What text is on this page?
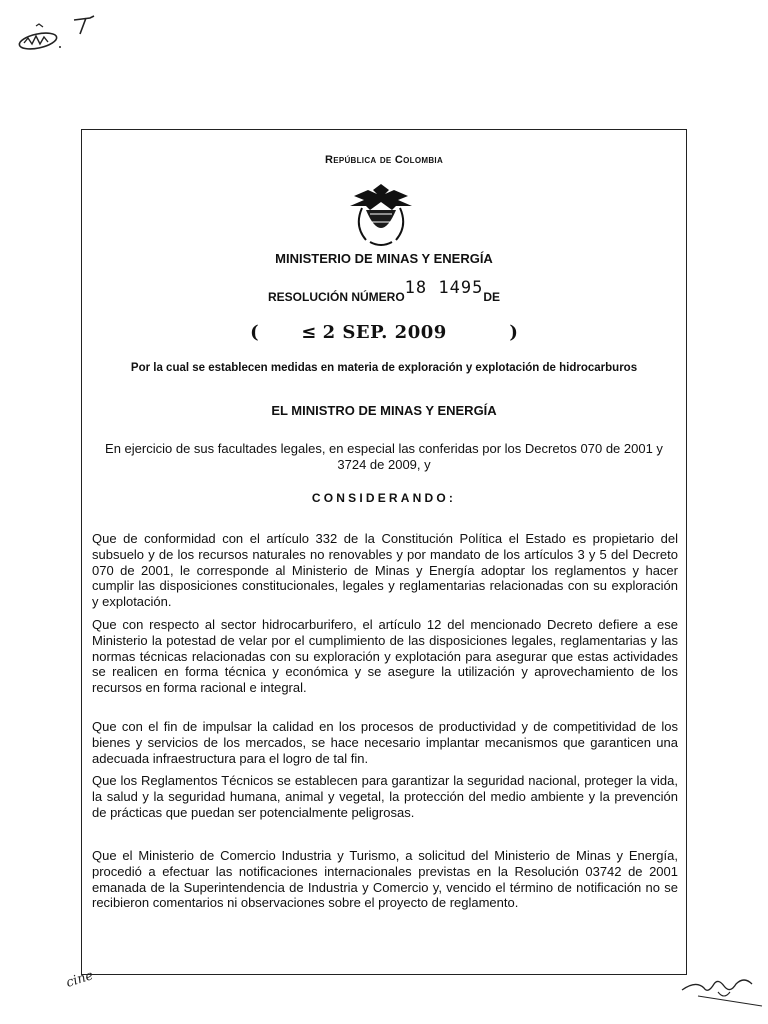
República de Colombia
MINISTERIO DE MINAS Y ENERGÍA
RESOLUCIÓN NÚMERO18 1495DE
( ≤ 2 SEP. 2009	)
Por la cual se establecen medidas en materia de exploración y explotación de hidrocarburos
EL MINISTRO DE MINAS Y ENERGÍA
En ejercicio de sus facultades legales, en especial las conferidas por los Decretos 070 de 2001 y 3724 de 2009, y
CONSIDERANDO:
Que de conformidad con el artículo 332 de la Constitución Política el Estado es propietario del subsuelo y de los recursos naturales no renovables y por mandato de los artículos 3 y 5 del Decreto 070 de 2001, le corresponde al Ministerio de Minas y Energía adoptar los reglamentos y hacer cumplir las disposiciones constitucionales, legales y reglamentarias relacionadas con su exploración y explotación.
Que con respecto al sector hidrocarburifero, el artículo 12 del mencionado Decreto defiere a ese Ministerio la potestad de velar por el cumplimiento de las disposiciones legales, reglamentarias y las normas técnicas relacionadas con su exploración y explotación para asegurar que estas actividades se realicen en forma técnica y económica y se asegure la utilización y aprovechamiento de los recursos en forma racional e integral.
Que con el fin de impulsar la calidad en los procesos de productividad y de competitividad de los bienes y servicios de los mercados, se hace necesario implantar mecanismos que garanticen una adecuada infraestructura para el logro de tal fin.
Que los Reglamentos Técnicos se establecen para garantizar la seguridad nacional, proteger la vida, la salud y la seguridad humana, animal y vegetal, la protección del medio ambiente y la prevención de prácticas que puedan ser potencialmente peligrosas.
Que el Ministerio de Comercio Industria y Turismo, a solicitud del Ministerio de Minas y Energía, procedió a efectuar las notificaciones internacionales previstas en la Resolución 03742 de 2001 emanada de la Superintendencia de Industria y Comercio y, vencido el término de notificación no se recibieron comentarios ni observaciones sobre el proyecto de reglamento.
cine
